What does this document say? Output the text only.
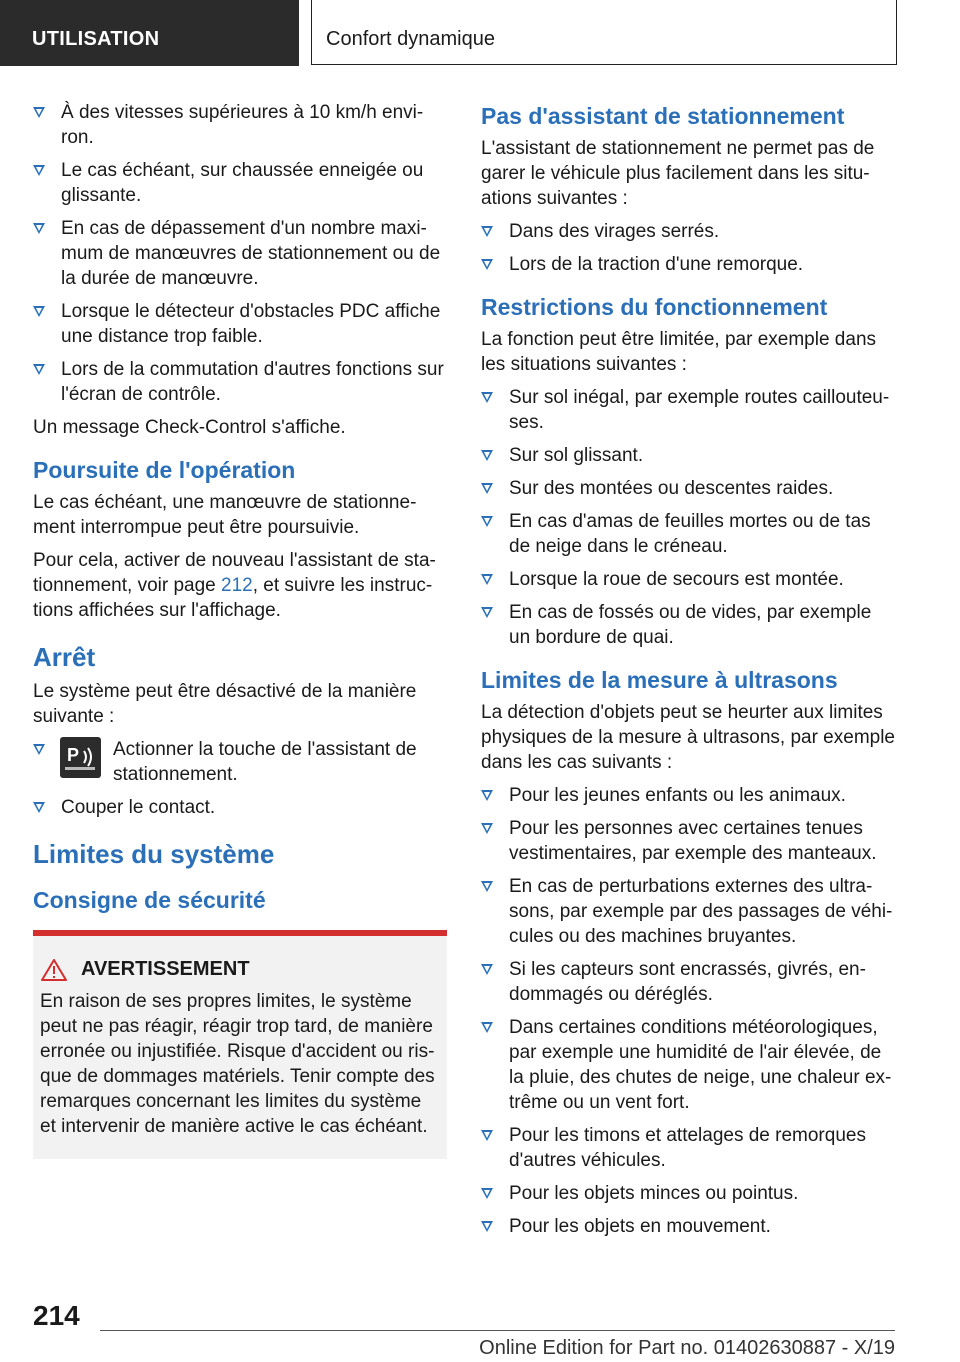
UTILISATION	Confort dynamique
À des vitesses supérieures à 10 km/h envi-ron.
Le cas échéant, sur chaussée enneigée ou glissante.
En cas de dépassement d'un nombre maxi-mum de manœuvres de stationnement ou de la durée de manœuvre.
Lorsque le détecteur d'obstacles PDC affiche une distance trop faible.
Lors de la commutation d'autres fonctions sur l'écran de contrôle.

Un message Check-Control s'affiche.

Poursuite de l'opération

Le cas échéant, une manœuvre de stationne-ment interrompue peut être poursuivie.

Pour cela, activer de nouveau l'assistant de sta-tionnement, voir page 212, et suivre les instruc-tions affichées sur l'affichage.

Arrêt

Le système peut être désactivé de la manière suivante :

P Actionner la touche de l'assistant de stationnement.
Couper le contact.
Limites du système
Consigne de sécurité
AVERTISSEMENT

En raison de ses propres limites, le système peut ne pas réagir, réagir trop tard, de manière erronée ou injustifiée. Risque d'accident ou ris-que de dommages matériels. Tenir compte des remarques concernant les limites du système et intervenir de manière active le cas échéant.

Pas d'assistant de stationnement

L'assistant de stationnement ne permet pas de garer le véhicule plus facilement dans les situ-ations suivantes :

Dans des virages serrés.
Lors de la traction d'une remorque.
Restrictions du fonctionnement

La fonction peut être limitée, par exemple dans les situations suivantes :

Sur sol inégal, par exemple routes caillouteu-ses.
Sur sol glissant.
Sur des montées ou descentes raides.
En cas d'amas de feuilles mortes ou de tas de neige dans le créneau.
Lorsque la roue de secours est montée.
En cas de fossés ou de vides, par exemple un bordure de quai.
Limites de la mesure à ultrasons

La détection d'objets peut se heurter aux limites physiques de la mesure à ultrasons, par exemple dans les cas suivants :

Pour les jeunes enfants ou les animaux.
Pour les personnes avec certaines tenues vestimentaires, par exemple des manteaux.
En cas de perturbations externes des ultra-sons, par exemple par des passages de véhi-cules ou des machines bruyantes.
Si les capteurs sont encrassés, givrés, en-dommagés ou déréglés.
Dans certaines conditions météorologiques, par exemple une humidité de l'air élevée, de la pluie, des chutes de neige, une chaleur ex-trême ou un vent fort.
Pour les timons et attelages de remorques d'autres véhicules.
Pour les objets minces ou pointus.
Pour les objets en mouvement.
214
Online Edition for Part no. 01402630887 - X/19
